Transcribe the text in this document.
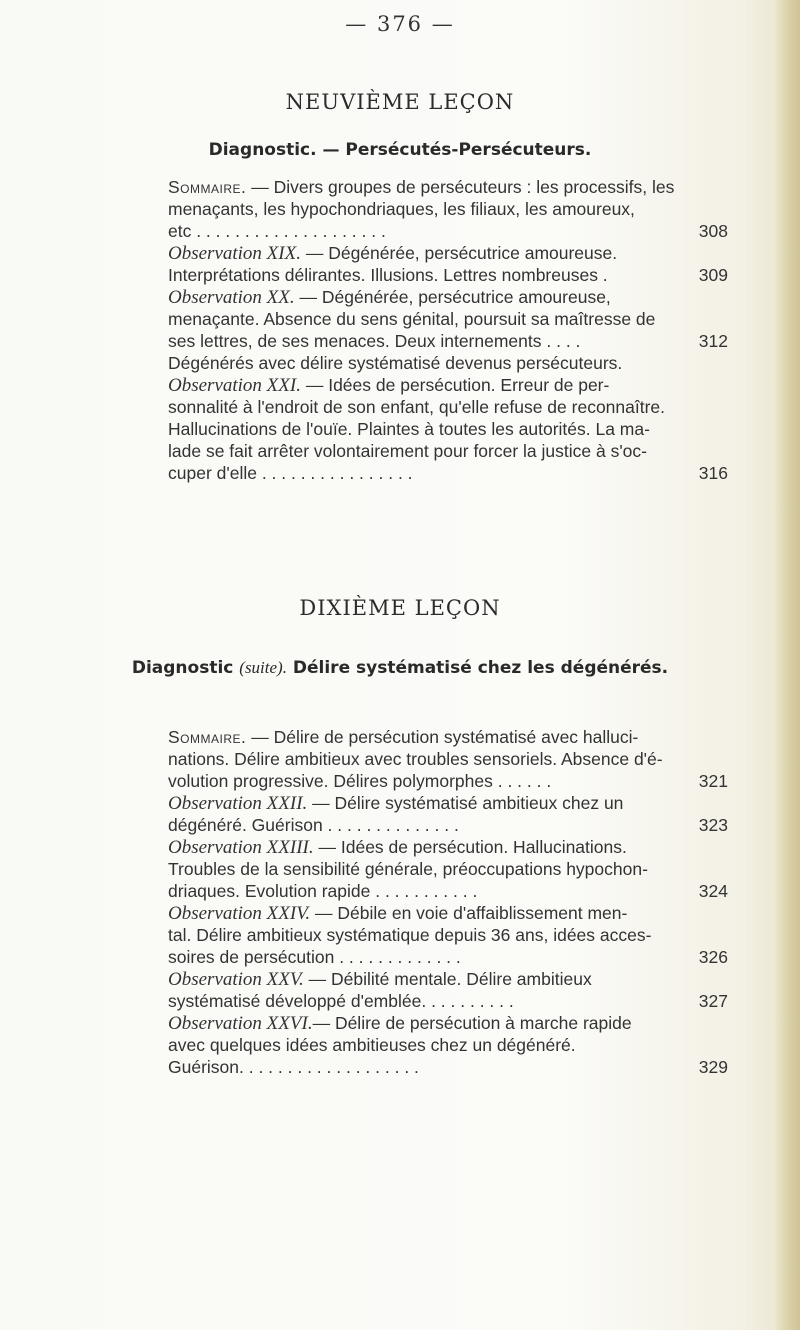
— 376 —
NEUVIÈME LEÇON
Diagnostic. — Persécutés-Persécuteurs.
Sommaire. — Divers groupes de persécuteurs : les processifs, les
menaçants, les hypochondriaques, les filiaux, les amoureux,
etc . . . . . . . . . . . . . . . . . . . .	308
Observation XIX. — Dégénérée, persécutrice amoureuse.
Interprétations délirantes. Illusions. Lettres nombreuses .	309
Observation XX. — Dégénérée, persécutrice amoureuse,
menaçante. Absence du sens génital, poursuit sa maîtresse de
ses lettres, de ses menaces. Deux internements . . . .	312
Dégénérés avec délire systématisé devenus persécuteurs.
Observation XXI. — Idées de persécution. Erreur de per-
sonnalité à l'endroit de son enfant, qu'elle refuse de reconnaître.
Hallucinations de l'ouïe. Plaintes à toutes les autorités. La ma-
lade se fait arrêter volontairement pour forcer la justice à s'oc-
cuper d'elle . . . . . . . . . . . . . . . .	316
DIXIÈME LEÇON
Diagnostic (suite). Délire systématisé chez les dégénérés.
Sommaire. — Délire de persécution systématisé avec halluci-
nations. Délire ambitieux avec troubles sensoriels. Absence d'é-
volution progressive. Délires polymorphes . . . . . .	321
Observation XXII. — Délire systématisé ambitieux chez un
dégénéré. Guérison . . . . . . . . . . . . . .	323
Observation XXIII. — Idées de persécution. Hallucinations.
Troubles de la sensibilité générale, préoccupations hypochon-
driaques. Evolution rapide . . . . . . . . . . .	324
Observation XXIV. — Débile en voie d'affaiblissement men-
tal. Délire ambitieux systématique depuis 36 ans, idées acces-
soires de persécution . . . . . . . . . . . . .	326
Observation XXV. — Débilité mentale. Délire ambitieux
systématisé développé d'emblée. . . . . . . . . .	327
Observation XXVI.— Délire de persécution à marche rapide
avec quelques idées ambitieuses chez un dégénéré.
Guérison. . . . . . . . . . . . . . . . . . .	329
